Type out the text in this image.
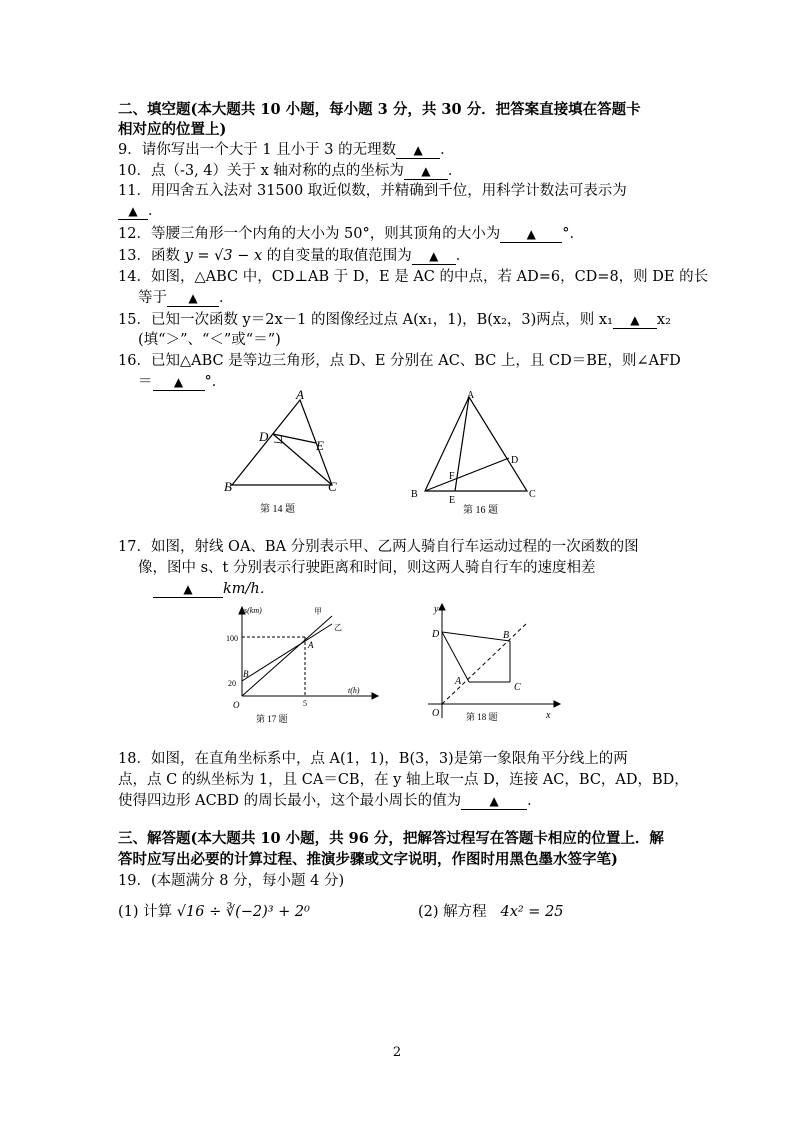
二、填空题(本大题共 10 小题，每小题 3 分，共 30 分．把答案直接填在答题卡
相对应的位置上)
9．请你写出一个大于 1 且小于 3 的无理数 ▲ ．
10．点（-3, 4）关于 x 轴对称的点的坐标为 ▲ ．
11．用四舍五入法对 31500 取近似数，并精确到千位，用科学计数法可表示为
▲ ．
12．等腰三角形一个内角的大小为 50°，则其顶角的大小为 ▲ °．
13．函数 y = √3 − x 的自变量的取值范围为 ▲ ．
14．如图，△ABC 中，CD⊥AB 于 D，E 是 AC 的中点，若 AD=6，CD=8，则 DE 的长
等于 ▲ ．
15．已知一次函数 y＝2x－1 的图像经过点 A(x₁，1)，B(x₂，3)两点，则 x₁ ▲ x₂
(填“＞”、“＜”或“＝”)
16．已知△ABC 是等边三角形，点 D、E 分别在 AC、BC 上，且 CD＝BE，则∠AFD
＝ ▲ °．
A
B	C
D
E
第 14 题
A
B	C
D
E
F
第 16 题
17．如图，射线 OA、BA 分别表示甲、乙两人骑自行车运动过程的一次函数的图
像，图中 s、t 分别表示行驶距离和时间，则这两人骑自行车的速度相差
▲ km/h．
s(km)
t(h)
甲
乙
100
20
5
O
A
B
第 17 题
y
x
O
A
B
C
D
第 18 题
18．如图，在直角坐标系中，点 A(1，1)，B(3，3)是第一象限角平分线上的两
点，点 C 的纵坐标为 1，且 CA＝CB，在 y 轴上取一点 D，连接 AC，BC，AD，BD，
使得四边形 ACBD 的周长最小，这个最小周长的值为 ▲ ．
三、解答题(本大题共 10 小题，共 96 分，把解答过程写在答题卡相应的位置上．解
答时应写出必要的计算过程、推演步骤或文字说明，作图时用黑色墨水签字笔)
19．(本题满分 8 分，每小题 4 分)
(1) 计算 √16 ÷ ∛(−2)³ + 2⁰	(2) 解方程 4x² = 25
2
